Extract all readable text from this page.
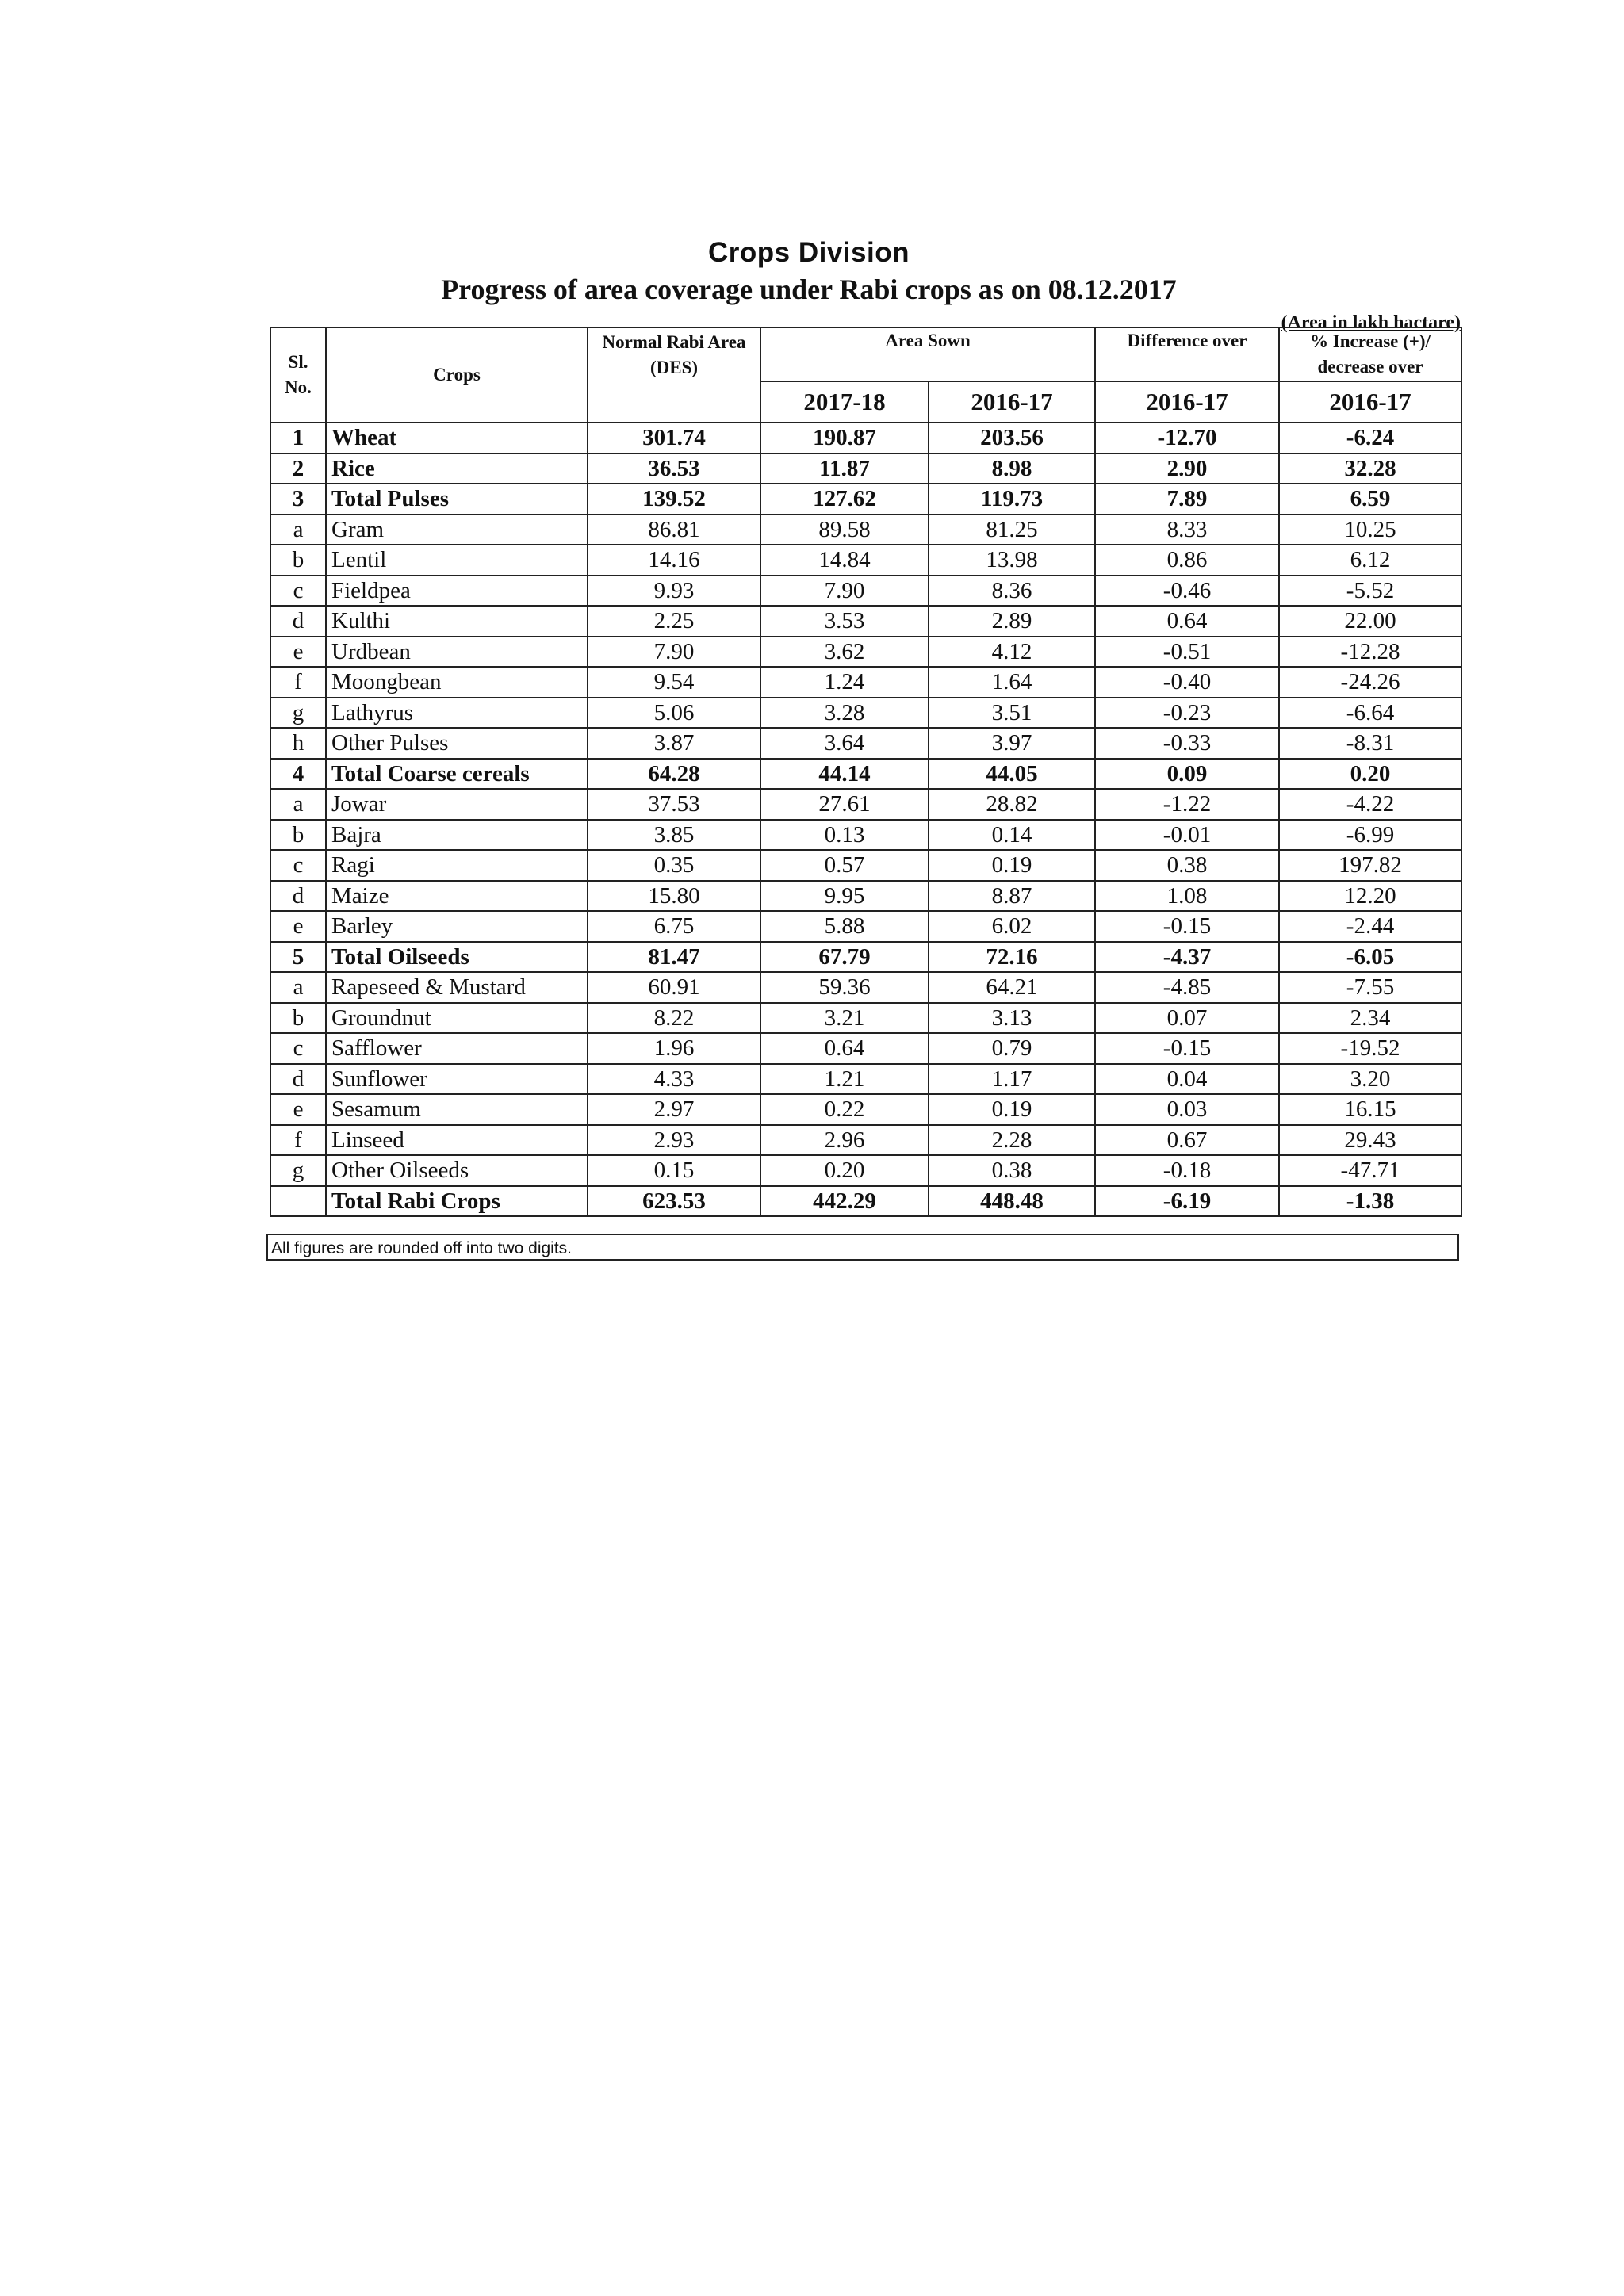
Crops Division
Progress of area coverage under Rabi crops as on 08.12.2017
(Area in lakh hactare)
Sl. No.	Crops	Normal Rabi Area (DES)	Area Sown		Difference over	% Increase (+)/ decrease over
			2017-18	2016-17	2016-17	2016-17
1	Wheat	301.74	190.87	203.56	-12.70	-6.24
2	Rice	36.53	11.87	8.98	2.90	32.28
3	Total Pulses	139.52	127.62	119.73	7.89	6.59
a	Gram	86.81	89.58	81.25	8.33	10.25
b	Lentil	14.16	14.84	13.98	0.86	6.12
c	Fieldpea	9.93	7.90	8.36	-0.46	-5.52
d	Kulthi	2.25	3.53	2.89	0.64	22.00
e	Urdbean	7.90	3.62	4.12	-0.51	-12.28
f	Moongbean	9.54	1.24	1.64	-0.40	-24.26
g	Lathyrus	5.06	3.28	3.51	-0.23	-6.64
h	Other Pulses	3.87	3.64	3.97	-0.33	-8.31
4	Total Coarse cereals	64.28	44.14	44.05	0.09	0.20
a	Jowar	37.53	27.61	28.82	-1.22	-4.22
b	Bajra	3.85	0.13	0.14	-0.01	-6.99
c	Ragi	0.35	0.57	0.19	0.38	197.82
d	Maize	15.80	9.95	8.87	1.08	12.20
e	Barley	6.75	5.88	6.02	-0.15	-2.44
5	Total Oilseeds	81.47	67.79	72.16	-4.37	-6.05
a	Rapeseed & Mustard	60.91	59.36	64.21	-4.85	-7.55
b	Groundnut	8.22	3.21	3.13	0.07	2.34
c	Safflower	1.96	0.64	0.79	-0.15	-19.52
d	Sunflower	4.33	1.21	1.17	0.04	3.20
e	Sesamum	2.97	0.22	0.19	0.03	16.15
f	Linseed	2.93	2.96	2.28	0.67	29.43
g	Other Oilseeds	0.15	0.20	0.38	-0.18	-47.71
	Total Rabi Crops	623.53	442.29	448.48	-6.19	-1.38
All figures are rounded off into two digits.
